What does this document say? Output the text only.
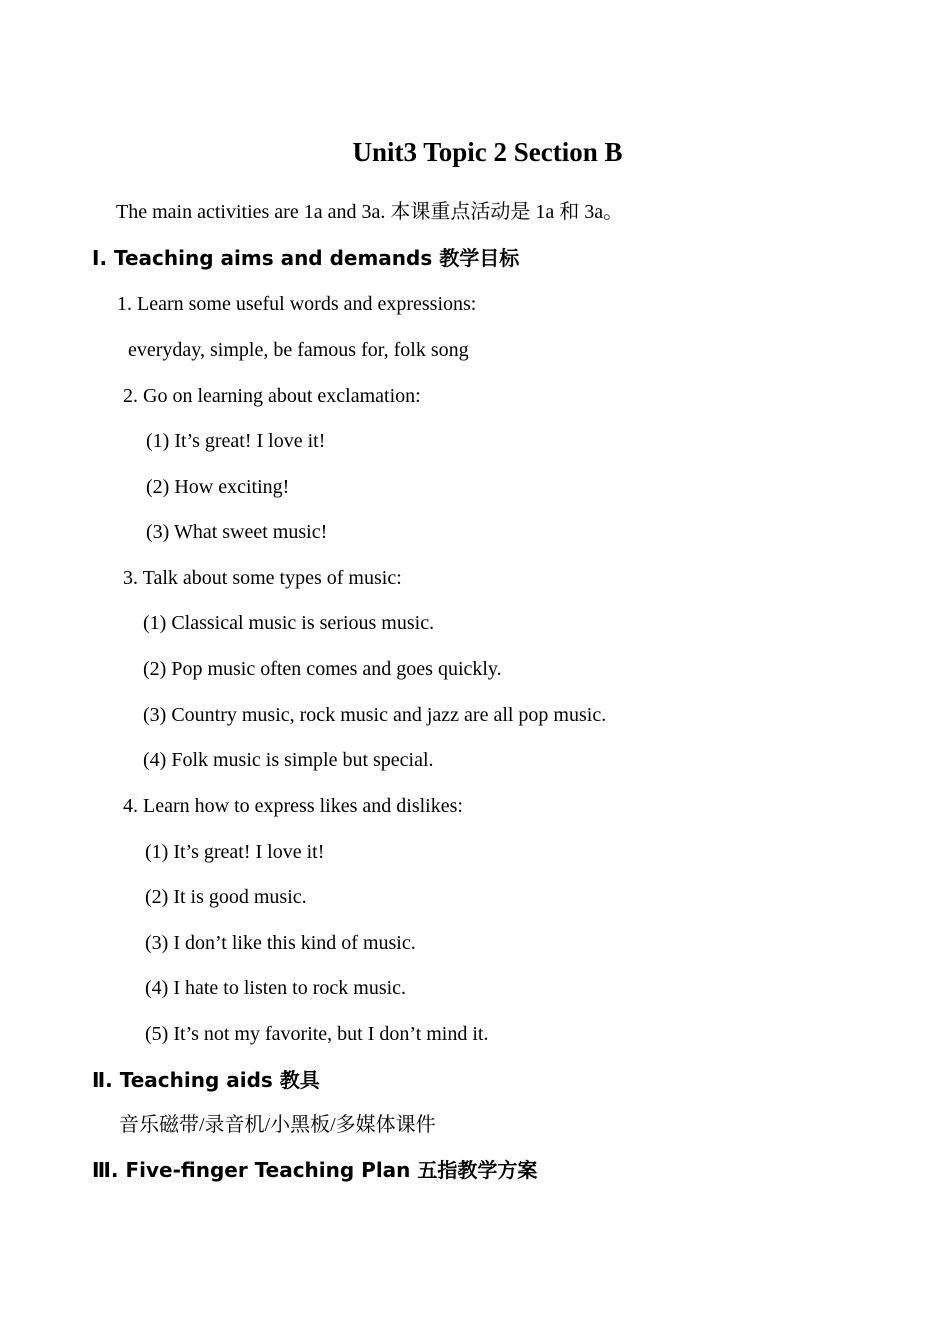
Unit3 Topic 2 Section B
The main activities are 1a and 3a. 本课重点活动是 1a 和 3a。
Ⅰ. Teaching aims and demands 教学目标
1. Learn some useful words and expressions:
everyday, simple, be famous for, folk song
2. Go on learning about exclamation:
(1) It’s great! I love it!
(2) How exciting!
(3) What sweet music!
3. Talk about some types of music:
(1) Classical music is serious music.
(2) Pop music often comes and goes quickly.
(3) Country music, rock music and jazz are all pop music.
(4) Folk music is simple but special.
4. Learn how to express likes and dislikes:
(1) It’s great! I love it!
(2) It is good music.
(3) I don’t like this kind of music.
(4) I hate to listen to rock music.
(5) It’s not my favorite, but I don’t mind it.
Ⅱ. Teaching aids 教具
音乐磁带/录音机/小黑板/多媒体课件
Ⅲ. Five-finger Teaching Plan 五指教学方案
